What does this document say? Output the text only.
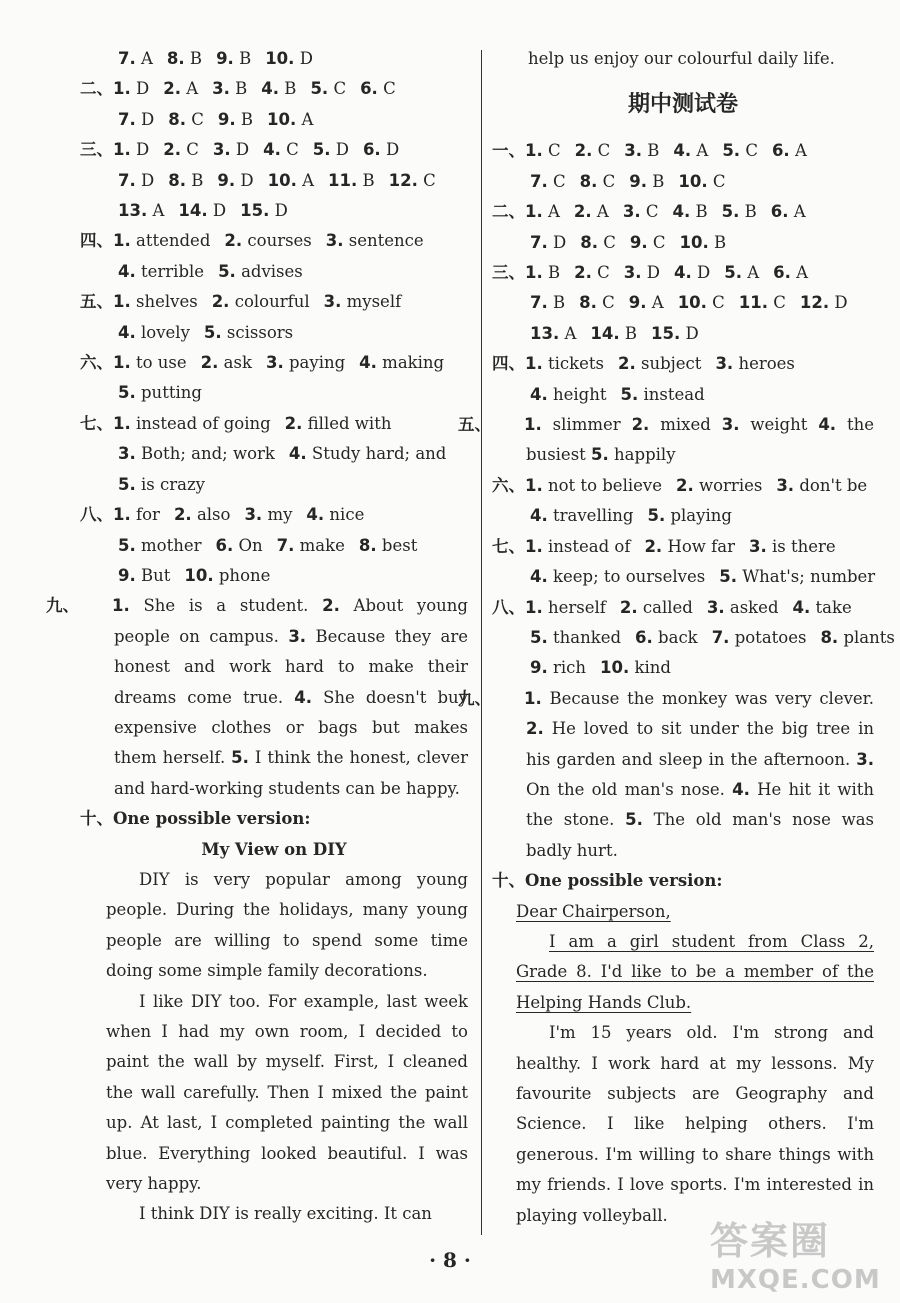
7. A 8. B 9. B 10. D
二、1. D 2. A 3. B 4. B 5. C 6. C
7. D 8. C 9. B 10. A
三、1. D 2. C 3. D 4. C 5. D 6. D
7. D 8. B 9. D 10. A 11. B 12. C
13. A 14. D 15. D
四、1. attended 2. courses 3. sentence
4. terrible 5. advises
五、1. shelves 2. colourful 3. myself
4. lovely 5. scissors
六、1. to use 2. ask 3. paying 4. making
5. putting
七、1. instead of going 2. filled with
3. Both; and; work 4. Study hard; and
5. is crazy
八、1. for 2. also 3. my 4. nice
5. mother 6. On 7. make 8. best
9. But 10. phone
九、 1. She is a student. 2. About young people on campus. 3. Because they are honest and work hard to make their dreams come true. 4. She doesn't buy expensive clothes or bags but makes them herself. 5. I think the honest, clever and hard-working students can be happy.
十、One possible version:
My View on DIY
DIY is very popular among young people. During the holidays, many young people are willing to spend some time doing some simple family decorations.
I like DIY too. For example, last week when I had my own room, I decided to paint the wall by myself. First, I cleaned the wall carefully. Then I mixed the paint up. At last, I completed painting the wall blue. Everything looked beautiful. I was very happy.
I think DIY is really exciting. It can
help us enjoy our colourful daily life.
期中测试卷
一、1. C 2. C 3. B 4. A 5. C 6. A
7. C 8. C 9. B 10. C
二、1. A 2. A 3. C 4. B 5. B 6. A
7. D 8. C 9. C 10. B
三、1. B 2. C 3. D 4. D 5. A 6. A
7. B 8. C 9. A 10. C 11. C 12. D
13. A 14. B 15. D
四、1. tickets 2. subject 3. heroes
4. height 5. instead
五、 1. slimmer 2. mixed 3. weight 4. the busiest 5. happily
六、1. not to believe 2. worries 3. don't be
4. travelling 5. playing
七、1. instead of 2. How far 3. is there
4. keep; to ourselves 5. What's; number
八、1. herself 2. called 3. asked 4. take
5. thanked 6. back 7. potatoes 8. plants
9. rich 10. kind
九、 1. Because the monkey was very clever. 2. He loved to sit under the big tree in his garden and sleep in the afternoon. 3. On the old man's nose. 4. He hit it with the stone. 5. The old man's nose was badly hurt.
十、One possible version:
Dear Chairperson,
I am a girl student from Class 2, Grade 8. I'd like to be a member of the Helping Hands Club.
I'm 15 years old. I'm strong and healthy. I work hard at my lessons. My favourite subjects are Geography and Science. I like helping others. I'm generous. I'm willing to share things with my friends. I love sports. I'm interested in playing volleyball.
· 8 ·	答案圈
MXQE.COM
